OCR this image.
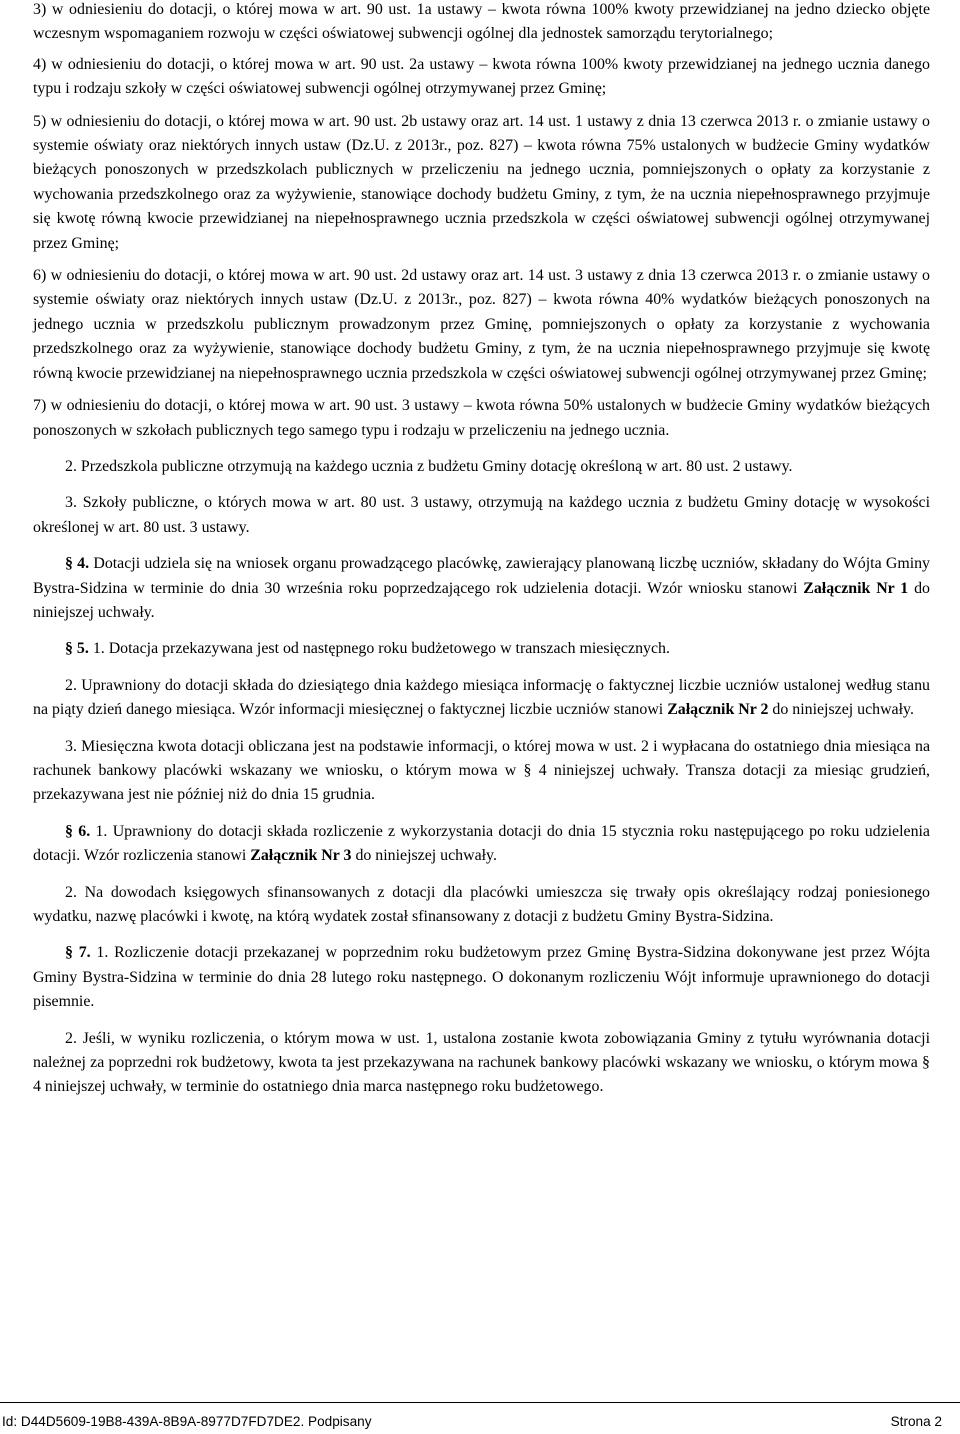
3) w odniesieniu do dotacji, o której mowa w art. 90 ust. 1a ustawy – kwota równa 100% kwoty przewidzianej na jedno dziecko objęte wczesnym wspomaganiem rozwoju w części oświatowej subwencji ogólnej dla jednostek samorządu terytorialnego;

4) w odniesieniu do dotacji, o której mowa w art. 90 ust. 2a ustawy – kwota równa 100% kwoty przewidzianej na jednego ucznia danego typu i rodzaju szkoły w części oświatowej subwencji ogólnej otrzymywanej przez Gminę;

5) w odniesieniu do dotacji, o której mowa w art. 90 ust. 2b ustawy oraz art. 14 ust. 1 ustawy z dnia 13 czerwca 2013 r. o zmianie ustawy o systemie oświaty oraz niektórych innych ustaw (Dz.U. z 2013r., poz. 827) – kwota równa 75% ustalonych w budżecie Gminy wydatków bieżących ponoszonych w przedszkolach publicznych w przeliczeniu na jednego ucznia, pomniejszonych o opłaty za korzystanie z wychowania przedszkolnego oraz za wyżywienie, stanowiące dochody budżetu Gminy, z tym, że na ucznia niepełnosprawnego przyjmuje się kwotę równą kwocie przewidzianej na niepełnosprawnego ucznia przedszkola w części oświatowej subwencji ogólnej otrzymywanej przez Gminę;

6) w odniesieniu do dotacji, o której mowa w art. 90 ust. 2d ustawy oraz art. 14 ust. 3 ustawy z dnia 13 czerwca 2013 r. o zmianie ustawy o systemie oświaty oraz niektórych innych ustaw (Dz.U. z 2013r., poz. 827) – kwota równa 40% wydatków bieżących ponoszonych na jednego ucznia w przedszkolu publicznym prowadzonym przez Gminę, pomniejszonych o opłaty za korzystanie z wychowania przedszkolnego oraz za wyżywienie, stanowiące dochody budżetu Gminy, z tym, że na ucznia niepełnosprawnego przyjmuje się kwotę równą kwocie przewidzianej na niepełnosprawnego ucznia przedszkola w części oświatowej subwencji ogólnej otrzymywanej przez Gminę;

7) w odniesieniu do dotacji, o której mowa w art. 90 ust. 3 ustawy – kwota równa 50% ustalonych w budżecie Gminy wydatków bieżących ponoszonych w szkołach publicznych tego samego typu i rodzaju w przeliczeniu na jednego ucznia.

2. Przedszkola publiczne otrzymują na każdego ucznia z budżetu Gminy dotację określoną w art. 80 ust. 2 ustawy.

3. Szkoły publiczne, o których mowa w art. 80 ust. 3 ustawy, otrzymują na każdego ucznia z budżetu Gminy dotację w wysokości określonej w art. 80 ust. 3 ustawy.

§ 4. Dotacji udziela się na wniosek organu prowadzącego placówkę, zawierający planowaną liczbę uczniów, składany do Wójta Gminy Bystra-Sidzina w terminie do dnia 30 września roku poprzedzającego rok udzielenia dotacji. Wzór wniosku stanowi Załącznik Nr 1 do niniejszej uchwały.

§ 5. 1. Dotacja przekazywana jest od następnego roku budżetowego w transzach miesięcznych.

2. Uprawniony do dotacji składa do dziesiątego dnia każdego miesiąca informację o faktycznej liczbie uczniów ustalonej według stanu na piąty dzień danego miesiąca. Wzór informacji miesięcznej o faktycznej liczbie uczniów stanowi Załącznik Nr 2 do niniejszej uchwały.

3. Miesięczna kwota dotacji obliczana jest na podstawie informacji, o której mowa w ust. 2 i wypłacana do ostatniego dnia miesiąca na rachunek bankowy placówki wskazany we wniosku, o którym mowa w § 4 niniejszej uchwały. Transza dotacji za miesiąc grudzień, przekazywana jest nie później niż do dnia 15 grudnia.

§ 6. 1. Uprawniony do dotacji składa rozliczenie z wykorzystania dotacji do dnia 15 stycznia roku następującego po roku udzielenia dotacji. Wzór rozliczenia stanowi Załącznik Nr 3 do niniejszej uchwały.

2. Na dowodach księgowych sfinansowanych z dotacji dla placówki umieszcza się trwały opis określający rodzaj poniesionego wydatku, nazwę placówki i kwotę, na którą wydatek został sfinansowany z dotacji z budżetu Gminy Bystra-Sidzina.

§ 7. 1. Rozliczenie dotacji przekazanej w poprzednim roku budżetowym przez Gminę Bystra-Sidzina dokonywane jest przez Wójta Gminy Bystra-Sidzina w terminie do dnia 28 lutego roku następnego. O dokonanym rozliczeniu Wójt informuje uprawnionego do dotacji pisemnie.

2. Jeśli, w wyniku rozliczenia, o którym mowa w ust. 1, ustalona zostanie kwota zobowiązania Gminy z tytułu wyrównania dotacji należnej za poprzedni rok budżetowy, kwota ta jest przekazywana na rachunek bankowy placówki wskazany we wniosku, o którym mowa § 4 niniejszej uchwały, w terminie do ostatniego dnia marca następnego roku budżetowego.

Id: D44D5609-19B8-439A-8B9A-8977D7FD7DE2. Podpisany	Strona 2
